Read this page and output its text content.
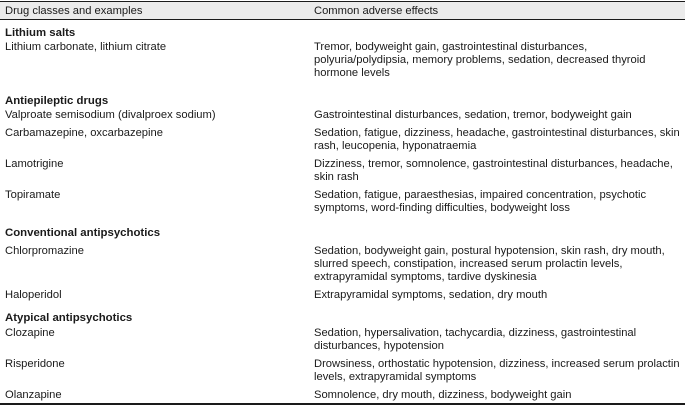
Drug classes and examples	Common adverse effects
Lithium salts
Lithium carbonate, lithium citrate	Tremor, bodyweight gain, gastrointestinal disturbances,
polyuria/polydipsia, memory problems, sedation, decreased thyroid
hormone levels
Antiepileptic drugs
Valproate semisodium (divalproex sodium)	Gastrointestinal disturbances, sedation, tremor, bodyweight gain
Carbamazepine, oxcarbazepine	Sedation, fatigue, dizziness, headache, gastrointestinal disturbances, skin
rash, leucopenia, hyponatraemia
Lamotrigine	Dizziness, tremor, somnolence, gastrointestinal disturbances, headache,
skin rash
Topiramate	Sedation, fatigue, paraesthesias, impaired concentration, psychotic
symptoms, word-finding difficulties, bodyweight loss
Conventional antipsychotics
Chlorpromazine	Sedation, bodyweight gain, postural hypotension, skin rash, dry mouth,
slurred speech, constipation, increased serum prolactin levels,
extrapyramidal symptoms, tardive dyskinesia
Haloperidol	Extrapyramidal symptoms, sedation, dry mouth
Atypical antipsychotics
Clozapine	Sedation, hypersalivation, tachycardia, dizziness, gastrointestinal
disturbances, hypotension
Risperidone	Drowsiness, orthostatic hypotension, dizziness, increased serum prolactin
levels, extrapyramidal symptoms
Olanzapine	Somnolence, dry mouth, dizziness, bodyweight gain
